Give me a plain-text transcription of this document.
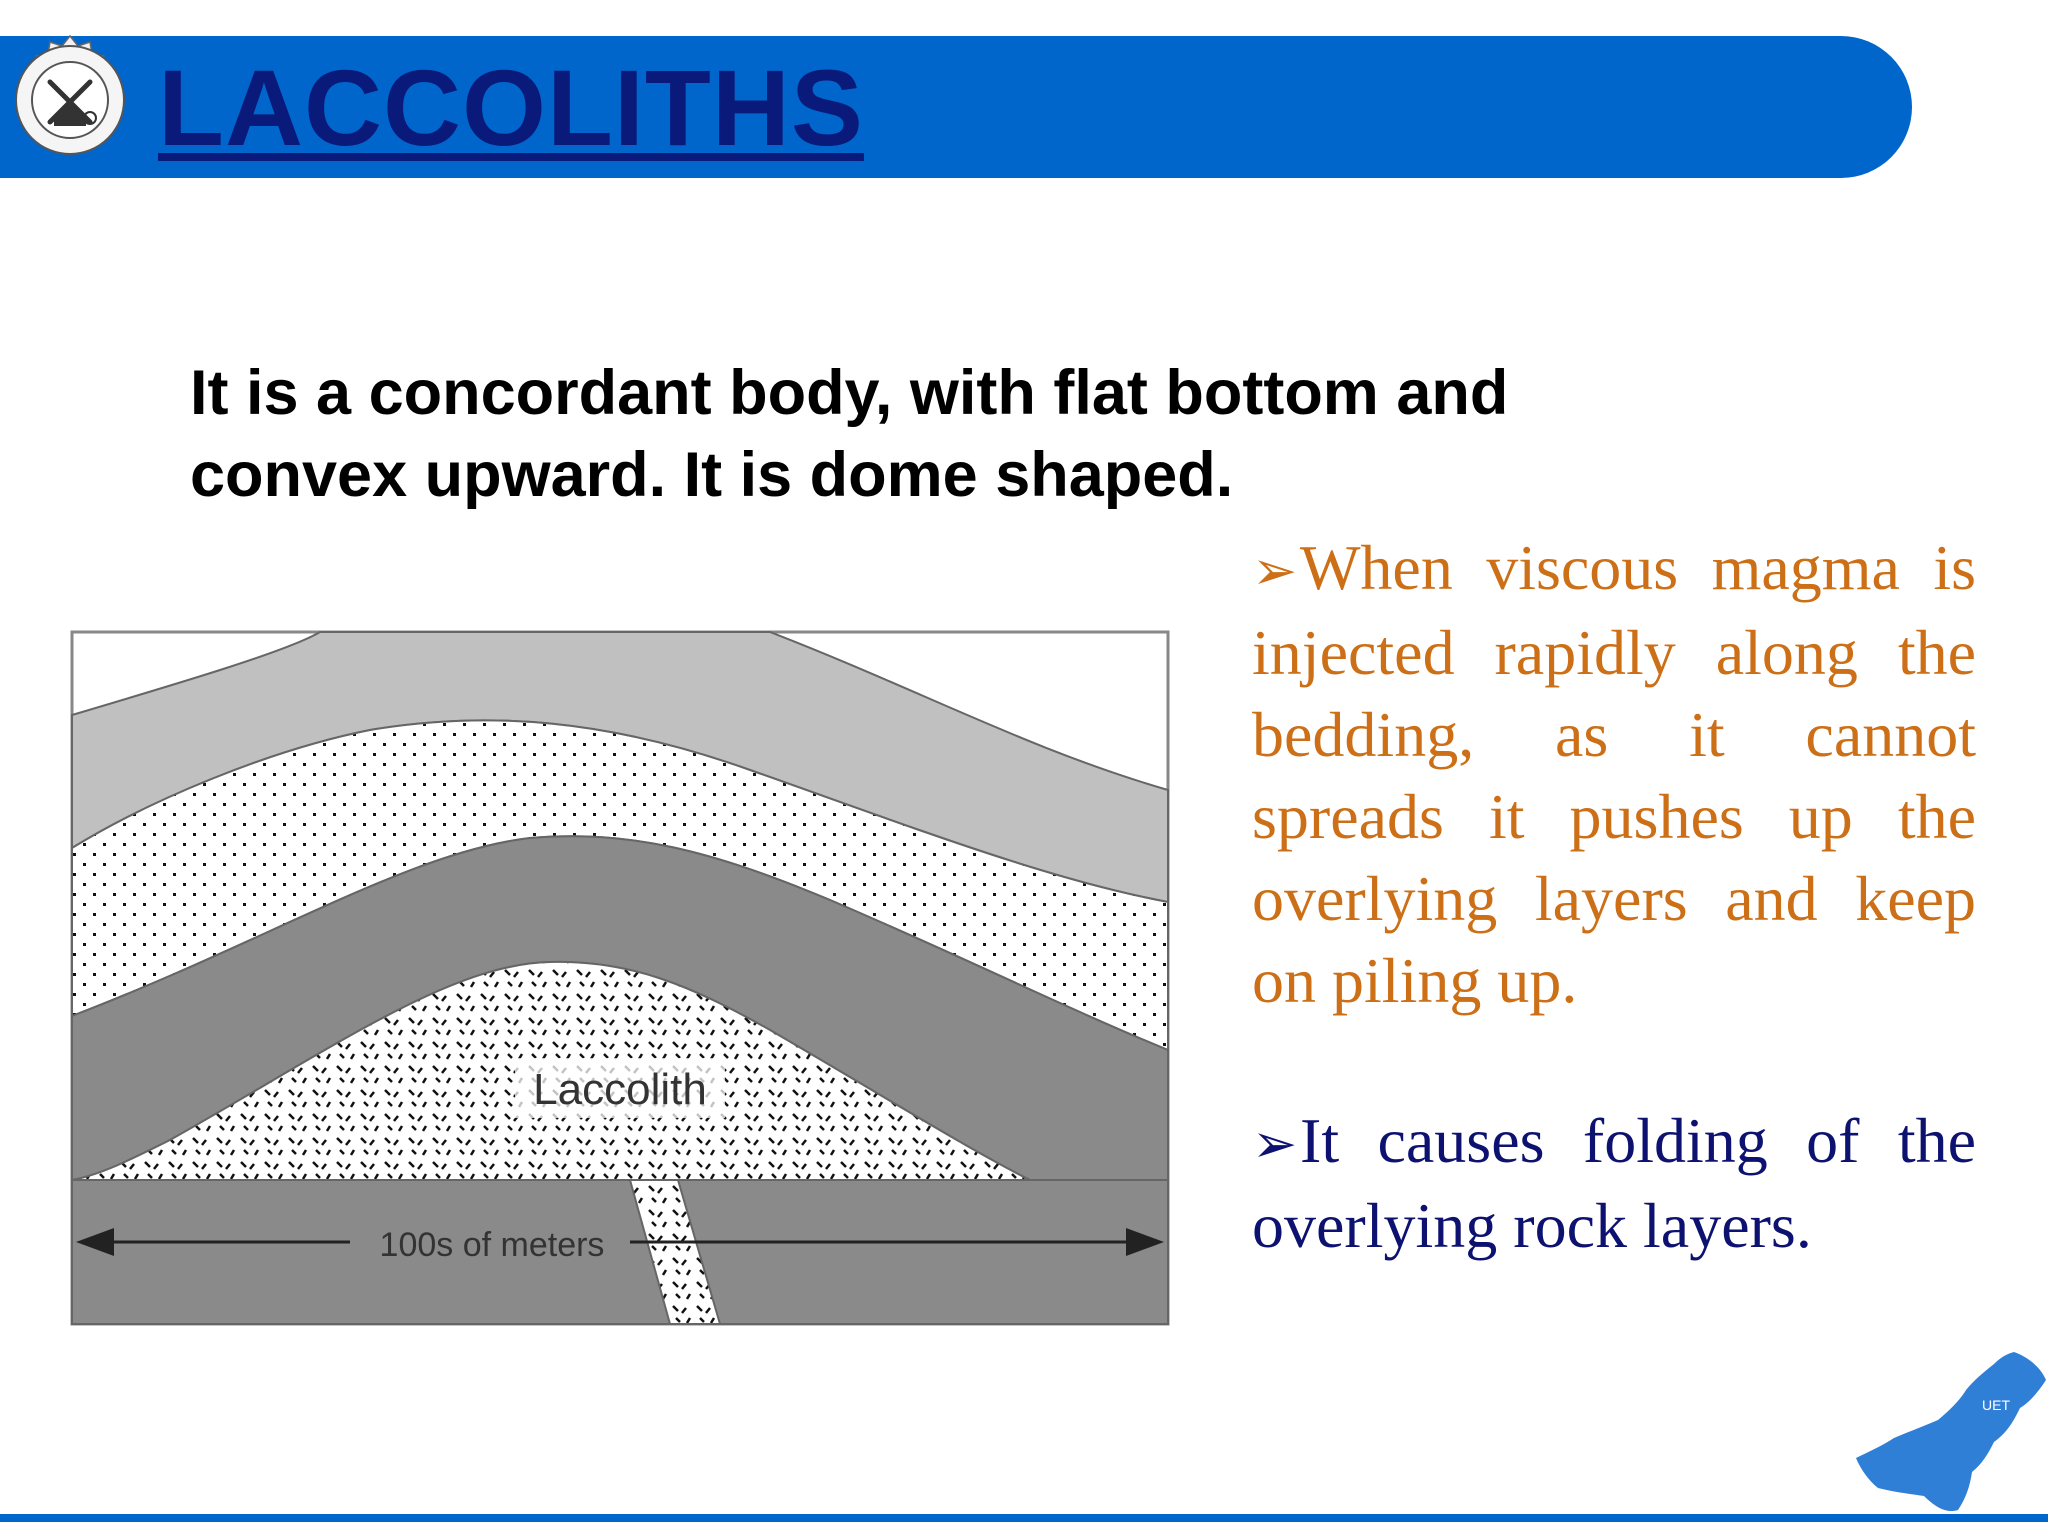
LACCOLITHS

It is a concordant body, with flat bottom and convex upward. It is dome shaped.

Laccolith
100s of meters
➢When viscous magma is injected rapidly along the bedding, as it cannot spreads it pushes up the overlying layers and keep on piling up.
➢It causes folding of the overlying rock layers.
UET
